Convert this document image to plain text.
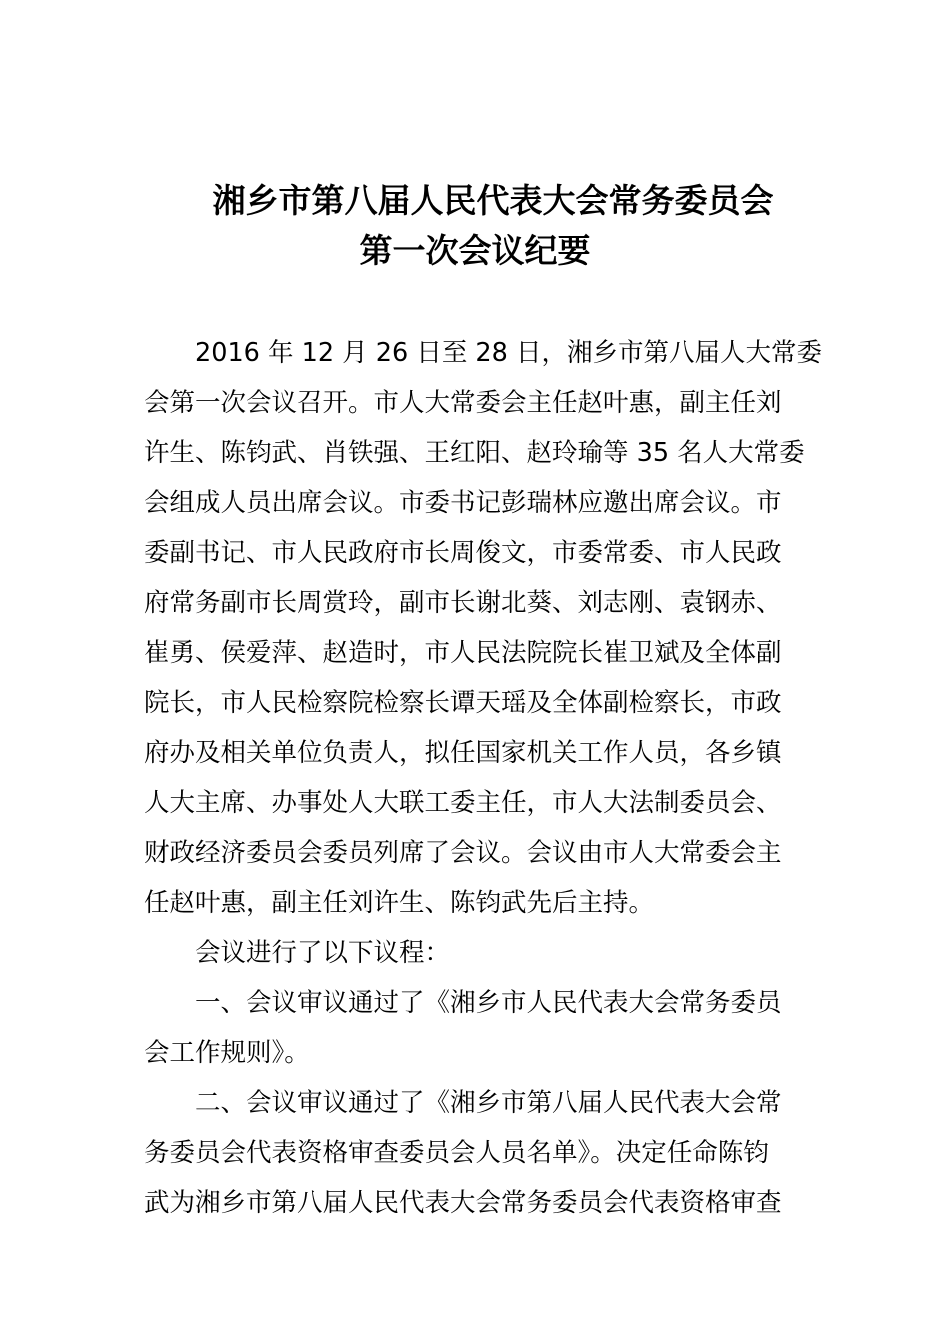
湘乡市第八届人民代表大会常务委员会
第一次会议纪要
2016 年 12 月 26 日至 28 日，湘乡市第八届人大常委
会第一次会议召开。市人大常委会主任赵叶惠，副主任刘
许生、陈钧武、肖铁强、王红阳、赵玲瑜等 35 名人大常委
会组成人员出席会议。市委书记彭瑞林应邀出席会议。市
委副书记、市人民政府市长周俊文，市委常委、市人民政
府常务副市长周赏玲，副市长谢北葵、刘志刚、袁钢赤、
崔勇、侯爱萍、赵造时，市人民法院院长崔卫斌及全体副
院长，市人民检察院检察长谭天瑶及全体副检察长，市政
府办及相关单位负责人，拟任国家机关工作人员，各乡镇
人大主席、办事处人大联工委主任，市人大法制委员会、
财政经济委员会委员列席了会议。会议由市人大常委会主
任赵叶惠，副主任刘许生、陈钧武先后主持。
会议进行了以下议程：
一、会议审议通过了《湘乡市人民代表大会常务委员
会工作规则》。
二、会议审议通过了《湘乡市第八届人民代表大会常
务委员会代表资格审查委员会人员名单》。决定任命陈钧
武为湘乡市第八届人民代表大会常务委员会代表资格审查
